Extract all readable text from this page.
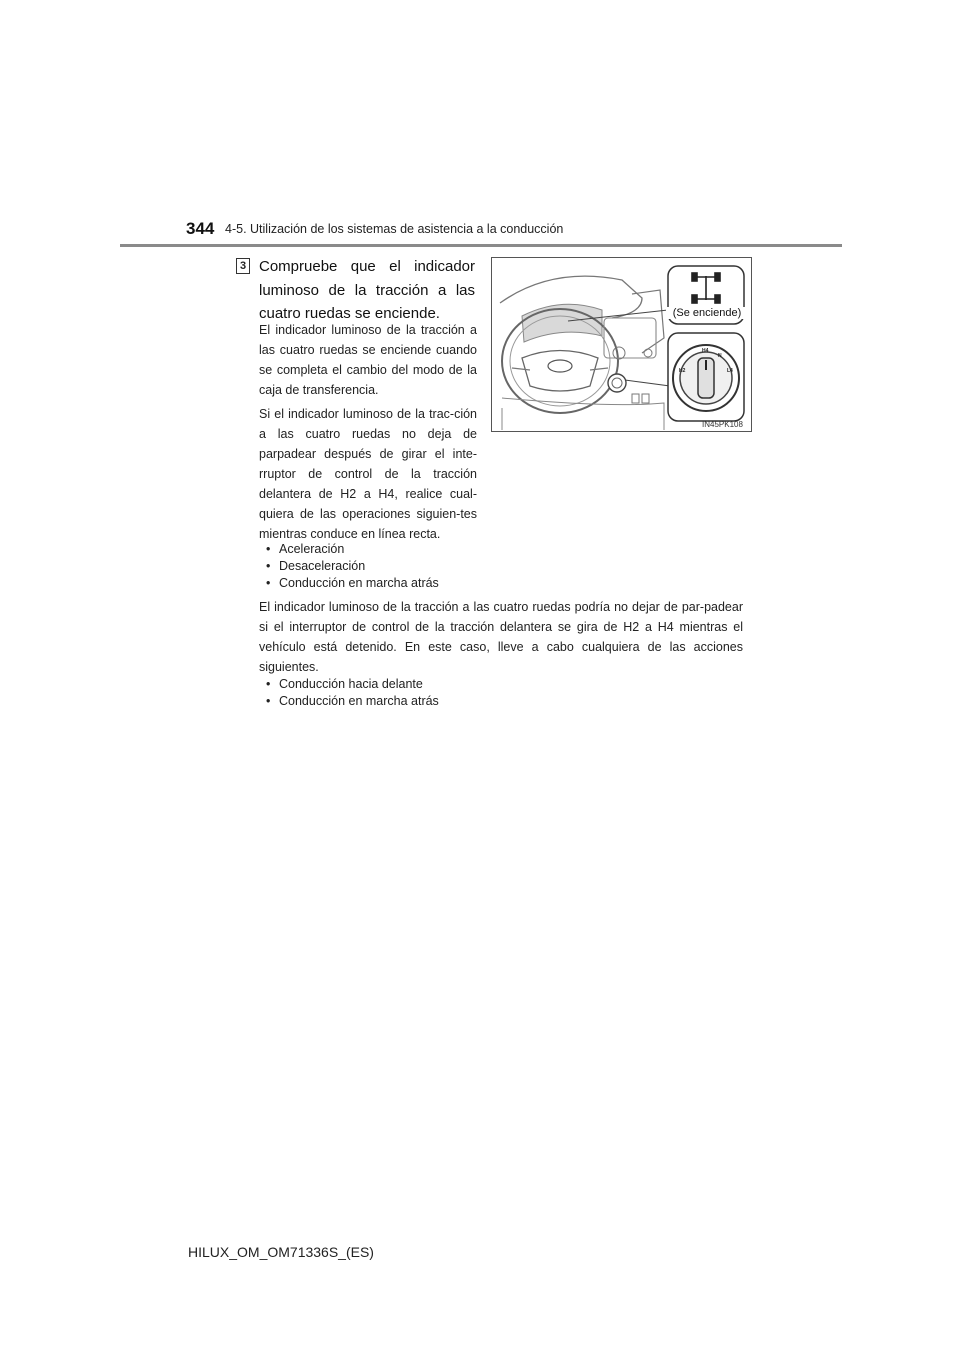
344 4-5. Utilización de los sistemas de asistencia a la conducción
3 Compruebe que el indicador luminoso de la tracción a las cuatro ruedas se enciende.
El indicador luminoso de la tracción a las cuatro ruedas se enciende cuando se completa el cambio del modo de la caja de transferencia.
Si el indicador luminoso de la trac-ción a las cuatro ruedas no deja de parpadear después de girar el inte-rruptor de control de la tracción delantera de H2 a H4, realice cual-quiera de las operaciones siguien-tes mientras conduce en línea recta.
• Aceleración
• Desaceleración
• Conducción en marcha atrás
El indicador luminoso de la tracción a las cuatro ruedas podría no dejar de par-padear si el interruptor de control de la tracción delantera se gira de H2 a H4 mientras el vehículo está detenido. En este caso, lleve a cabo cualquiera de las acciones siguientes.
• Conducción hacia delante
• Conducción en marcha atrás
(Se enciende)
H2
H4
N
L4
IN45PK108
HILUX_OM_OM71336S_(ES)
